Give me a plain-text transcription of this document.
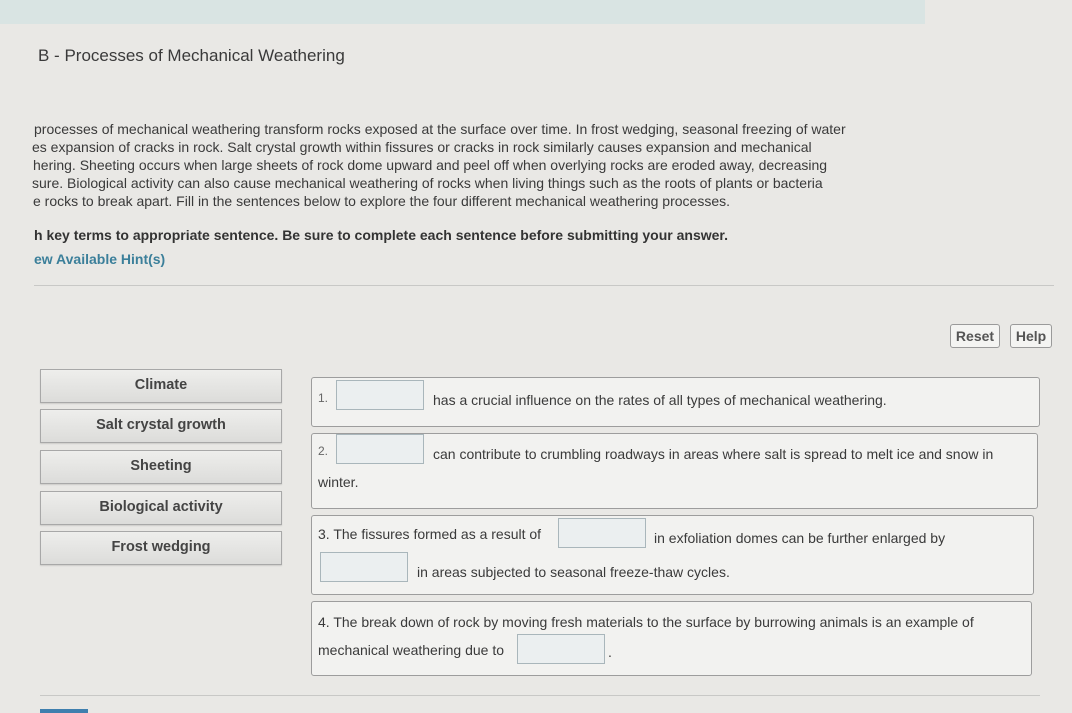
B - Processes of Mechanical Weathering
processes of mechanical weathering transform rocks exposed at the surface over time. In frost wedging, seasonal freezing of water
es expansion of cracks in rock. Salt crystal growth within fissures or cracks in rock similarly causes expansion and mechanical
hering. Sheeting occurs when large sheets of rock dome upward and peel off when overlying rocks are eroded away, decreasing
sure. Biological activity can also cause mechanical weathering of rocks when living things such as the roots of plants or bacteria
e rocks to break apart. Fill in the sentences below to explore the four different mechanical weathering processes.
h key terms to appropriate sentence. Be sure to complete each sentence before submitting your answer.
ew Available Hint(s)
Reset	Help
Climate
Salt crystal growth
Sheeting
Biological activity
Frost wedging
1.	has a crucial influence on the rates of all types of mechanical weathering.
2.	can contribute to crumbling roadways in areas where salt is spread to melt ice and snow in
winter.
3. The fissures formed as a result of	in exfoliation domes can be further enlarged by
in areas subjected to seasonal freeze-thaw cycles.
4. The break down of rock by moving fresh materials to the surface by burrowing animals is an example of
mechanical weathering due to	.
